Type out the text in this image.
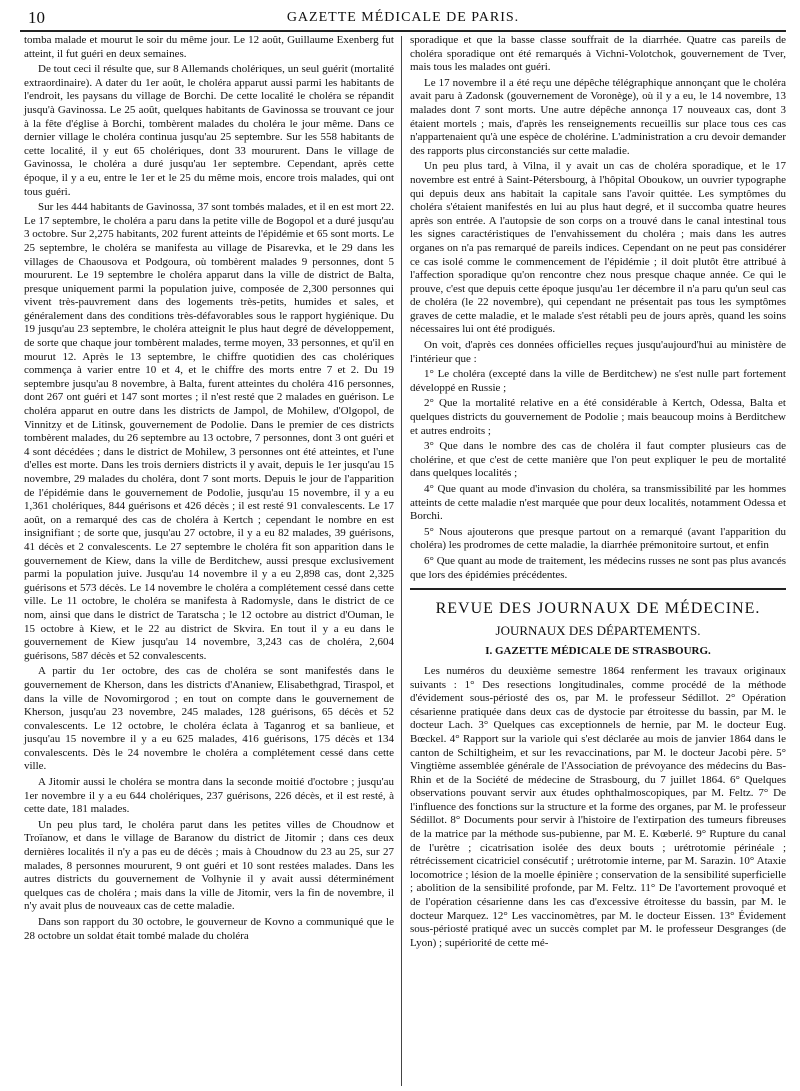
10	GAZETTE MÉDICALE DE PARIS.

tomba malade et mourut le soir du même jour. Le 12 août, Guillaume Exenberg fut atteint, il fut guéri en deux semaines.

De tout ceci il résulte que, sur 8 Allemands cholériques, un seul guérit (mortalité extraordinaire). A dater du 1er août, le choléra apparut aussi parmi les habitants de l'endroit, les paysans du village de Borchi. De cette localité le choléra se répandit jusqu'à Gavinossa. Le 25 août, quelques habitants de Gavinossa se trouvant ce jour à la fête d'église à Borchi, tombèrent malades du choléra le jour même. Dans ce dernier village le choléra continua jusqu'au 25 septembre. Sur les 558 habitants de cette localité, il y eut 65 cholériques, dont 33 moururent. Dans le village de Gavinossa, le choléra a duré jusqu'au 1er septembre. Cependant, après cette époque, il y a eu, entre le 1er et le 25 du même mois, encore trois malades, qui ont tous guéri.

Sur les 444 habitants de Gavinossa, 37 sont tombés malades, et il en est mort 22. Le 17 septembre, le choléra a paru dans la petite ville de Bogopol et a duré jusqu'au 3 octobre. Sur 2,275 habitants, 202 furent atteints de l'épidémie et 65 sont morts. Le 25 septembre, le choléra se manifesta au village de Pisarevka, et le 29 dans les villages de Chaousova et Podgoura, où tombèrent malades 9 personnes, dont 5 moururent. Le 19 septembre le choléra apparut dans la ville de district de Balta, presque uniquement parmi la population juive, composée de 2,300 personnes qui vivent très-pauvrement dans des logements très-petits, humides et sales, et généralement dans des conditions très-défavorables sous le rapport hygiénique. Du 19 jusqu'au 23 septembre, le choléra atteignit le plus haut degré de développement, de sorte que chaque jour tombèrent malades, terme moyen, 33 personnes, et qu'il en mourut 12. Après le 13 septembre, le chiffre quotidien des cas cholériques commença à varier entre 10 et 4, et le chiffre des morts entre 7 et 2. Du 19 septembre jusqu'au 8 novembre, à Balta, furent atteintes du choléra 416 personnes, dont 267 ont guéri et 147 sont mortes ; il n'est resté que 2 malades en guérison. Le choléra apparut en outre dans les districts de Jampol, de Mohilew, d'Olgopol, de Vinnitzy et de Litinsk, gouvernement de Podolie. Dans le premier de ces districts tombèrent malades, du 26 septembre au 13 octobre, 7 personnes, dont 3 ont guéri et 4 sont décédées ; dans le district de Mohilew, 3 personnes ont été atteintes, et l'une d'elles est morte. Dans les trois derniers districts il y avait, depuis le 1er jusqu'au 15 novembre, 29 malades du choléra, dont 7 sont morts. Depuis le jour de l'apparition de l'épidémie dans le gouvernement de Podolie, jusqu'au 15 novembre, il y a eu 1,361 cholériques, 844 guérisons et 426 décès ; il est resté 91 convalescents. Le 17 août, on a remarqué des cas de choléra à Kertch ; cependant le nombre en est insignifiant ; de sorte que, jusqu'au 27 octobre, il y a eu 82 malades, 39 guérisons, 41 décès et 2 convalescents. Le 27 septembre le choléra fit son apparition dans le gouvernement de Kiew, dans la ville de Berditchew, aussi presque exclusivement parmi la population juive. Jusqu'au 14 novembre il y a eu 2,898 cas, dont 2,325 guérisons et 573 décès. Le 14 novembre le choléra a complétement cessé dans cette ville. Le 11 octobre, le choléra se manifesta à Radomysle, dans le district de ce nom, ainsi que dans le district de Taratscha ; le 12 octobre au district d'Ouman, le 15 octobre à Kiew, et le 22 au district de Skvira. En tout il y a eu dans le gouvernement de Kiew jusqu'au 14 novembre, 3,243 cas de choléra, 2,604 guérisons, 587 décès et 52 convalescents.

A partir du 1er octobre, des cas de choléra se sont manifestés dans le gouvernement de Kherson, dans les districts d'Ananiew, Elisabethgrad, Tiraspol, et dans la ville de Novomirgorod ; en tout on compte dans le gouvernement de Kherson, jusqu'au 23 novembre, 245 malades, 128 guérisons, 65 décès et 52 convalescents. Le 12 octobre, le choléra éclata à Taganrog et sa banlieue, et jusqu'au 15 novembre il y a eu 625 malades, 416 guérisons, 175 décès et 134 convalescents. Dès le 24 novembre le choléra a complétement cessé dans cette ville.

A Jitomir aussi le choléra se montra dans la seconde moitié d'octobre ; jusqu'au 1er novembre il y a eu 644 cholériques, 237 guérisons, 226 décès, et il est resté, à cette date, 181 malades.

Un peu plus tard, le choléra parut dans les petites villes de Choudnow et Troïanow, et dans le village de Baranow du district de Jitomir ; dans ces deux dernières localités il n'y a pas eu de décès ; mais à Choudnow du 23 au 25, sur 27 malades, 8 personnes moururent, 9 ont guéri et 10 sont restées malades. Dans les autres districts du gouvernement de Volhynie il y avait aussi déterminément quelques cas de choléra ; mais dans la ville de Jitomir, vers la fin de novembre, il n'y avait plus de nouveaux cas de cette maladie.

Dans son rapport du 30 octobre, le gouverneur de Kovno a communiqué que le 28 octobre un soldat était tombé malade du choléra

sporadique et que la basse classe souffrait de la diarrhée. Quatre cas pareils de choléra sporadique ont été remarqués à Vichni-Volotchok, gouvernement de Tver, mais tous les malades ont guéri.

Le 17 novembre il a été reçu une dépêche télégraphique annonçant que le choléra avait paru à Zadonsk (gouvernement de Voronège), où il y a eu, le 14 novembre, 13 malades dont 7 sont morts. Une autre dépêche annonça 17 nouveaux cas, dont 3 étaient mortels ; mais, d'après les renseignements recueillis sur place tous ces cas n'appartenaient qu'à une espèce de cholérine. L'administration a cru devoir demander des rapports plus circonstanciés sur cette maladie.

Un peu plus tard, à Vilna, il y avait un cas de choléra sporadique, et le 17 novembre est entré à Saint-Pétersbourg, à l'hôpital Oboukow, un ouvrier typographe qui depuis deux ans habitait la capitale sans l'avoir quittée. Les symptômes du choléra s'étaient manifestés en lui au plus haut degré, et il succomba quatre heures après son entrée. A l'autopsie de son corps on a trouvé dans le canal intestinal tous les signes caractéristiques de l'envahissement du choléra ; mais dans les autres organes on n'a pas remarqué de pareils indices. Cependant on ne peut pas considérer ce cas isolé comme le commencement de l'épidémie ; il doit plutôt être attribué à l'affection sporadique qu'on rencontre chez nous presque chaque année. Ce qui le prouve, c'est que depuis cette époque jusqu'au 1er décembre il n'a paru qu'un seul cas de choléra (le 22 novembre), qui cependant ne présentait pas tous les symptômes graves de cette maladie, et le malade s'est rétabli peu de jours après, quand les soins nécessaires lui ont été prodigués.

On voit, d'après ces données officielles reçues jusqu'aujourd'hui au ministère de l'intérieur que :

1° Le choléra (excepté dans la ville de Berditchew) ne s'est nulle part fortement développé en Russie ;

2° Que la mortalité relative en a été considérable à Kertch, Odessa, Balta et quelques districts du gouvernement de Podolie ; mais beaucoup moins à Berditchew et autres endroits ;

3° Que dans le nombre des cas de choléra il faut compter plusieurs cas de cholérine, et que c'est de cette manière que l'on peut expliquer le peu de mortalité dans quelques localités ;

4° Que quant au mode d'invasion du choléra, sa transmissibilité par les hommes atteints de cette maladie n'est marquée que pour deux localités, notamment Odessa et Borchi.

5° Nous ajouterons que presque partout on a remarqué (avant l'apparition du choléra) les prodromes de cette maladie, la diarrhée prémonitoire surtout, et enfin

6° Que quant au mode de traitement, les médecins russes ne sont pas plus avancés que lors des épidémies précédentes.

REVUE DES JOURNAUX DE MÉDECINE.
JOURNAUX DES DÉPARTEMENTS.
I. GAZETTE MÉDICALE DE STRASBOURG.

Les numéros du deuxième semestre 1864 renferment les travaux originaux suivants : 1° Des resections longitudinales, comme procédé de la méthode d'évidement sous-périosté des os, par M. le professeur Sédillot. 2° Opération césarienne pratiquée dans deux cas de dystocie par étroitesse du bassin, par M. le docteur Lach. 3° Quelques cas exceptionnels de hernie, par M. le docteur Eug. Bœckel. 4° Rapport sur la variole qui s'est déclarée au mois de janvier 1864 dans le canton de Schiltigheim, et sur les revaccinations, par M. le docteur Jacobi père. 5° Vingtième assemblée générale de l'Association de prévoyance des médecins du Bas-Rhin et de la Société de médecine de Strasbourg, du 7 juillet 1864. 6° Quelques observations pouvant servir aux études ophthalmoscopiques, par M. Feltz. 7° De l'influence des fonctions sur la structure et la forme des organes, par M. le professeur Sédillot. 8° Documents pour servir à l'histoire de l'extirpation des tumeurs fibreuses de la matrice par la méthode sus-pubienne, par M. E. Kœberlé. 9° Rupture du canal de l'urètre ; cicatrisation isolée des deux bouts ; urétrotomie périnéale ; rétrécissement cicatriciel consécutif ; urétrotomie interne, par M. Sarazin. 10° Ataxie locomotrice ; lésion de la moelle épinière ; conservation de la sensibilité superficielle ; abolition de la sensibilité profonde, par M. Feltz. 11° De l'avortement provoqué et de l'opération césarienne dans les cas d'excessive étroitesse du bassin, par M. le docteur Marquez. 12° Les vaccinomètres, par M. le docteur Eissen. 13° Évidement sous-périosté pratiqué avec un succès complet par M. le professeur Desgranges (de Lyon) ; supériorité de cette mé-
